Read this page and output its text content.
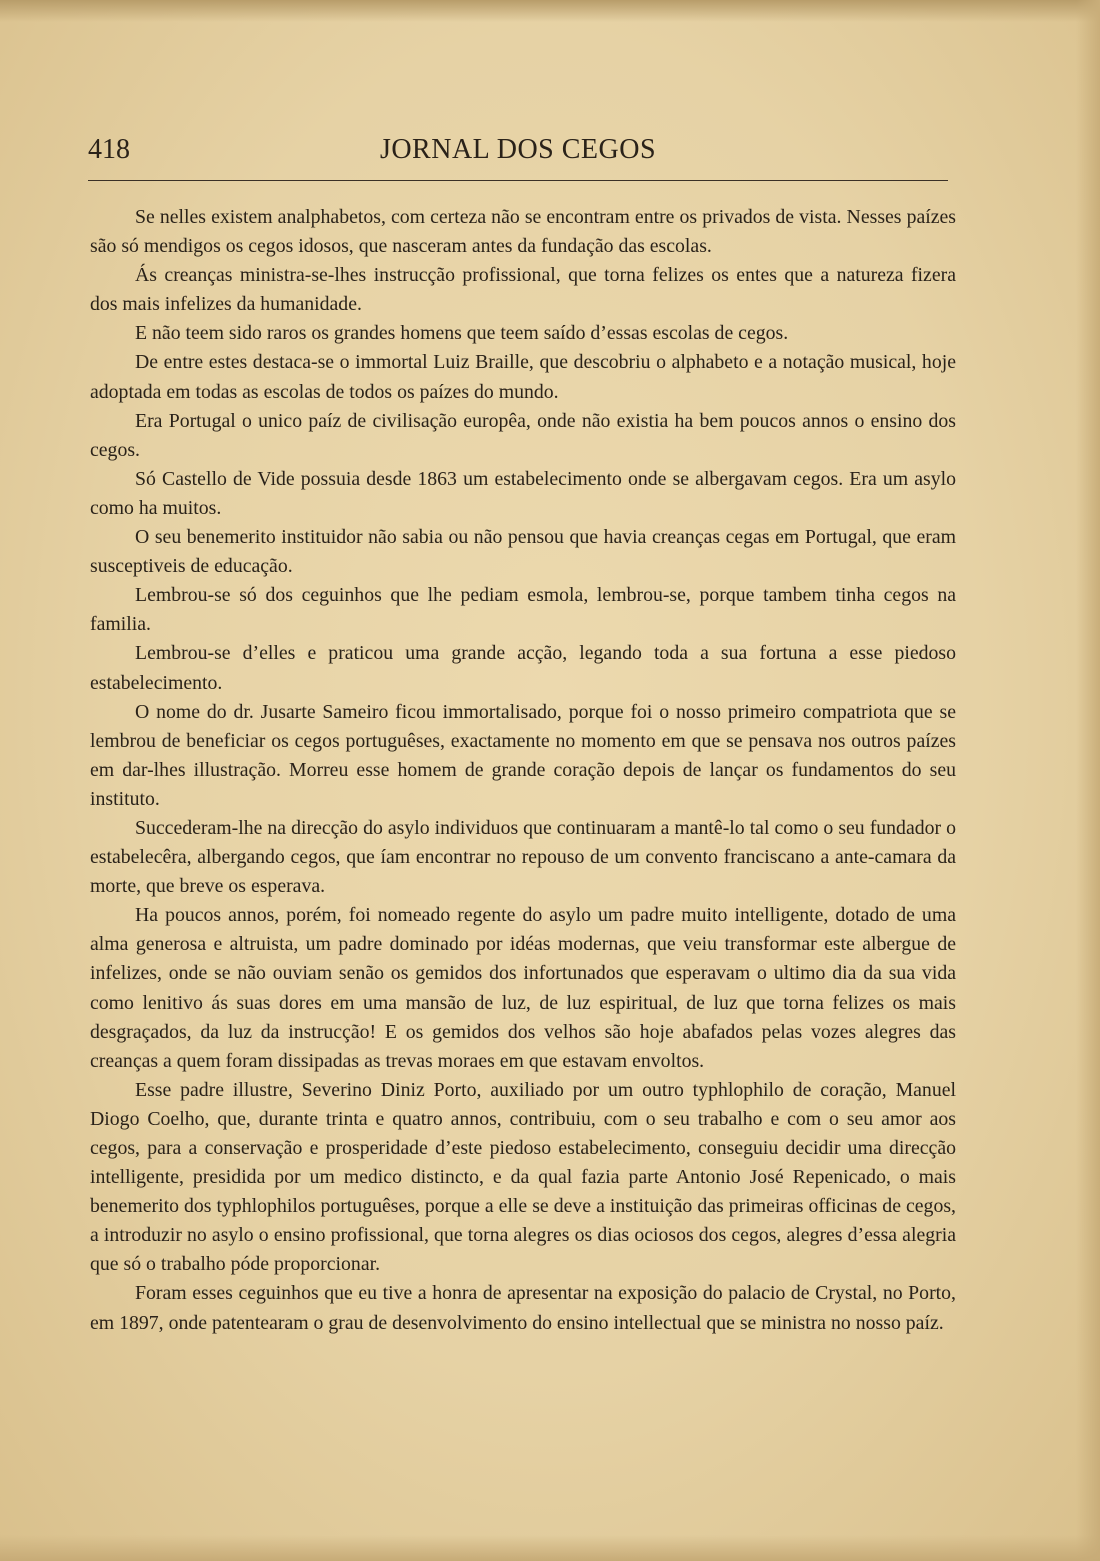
JORNAL DOS CEGOS
418

Se nelles existem analphabetos, com certeza não se encontram entre os privados de vista. Nesses paízes são só mendigos os cegos idosos, que nasceram antes da fundação das escolas.

Ás creanças ministra-se-lhes instrucção profissional, que torna felizes os entes que a natureza fizera dos mais infelizes da humanidade.

E não teem sido raros os grandes homens que teem saído d’essas escolas de cegos.

De entre estes destaca-se o immortal Luiz Braille, que descobriu o alphabeto e a notação musical, hoje adoptada em todas as escolas de todos os paízes do mundo.

Era Portugal o unico paíz de civilisação europêa, onde não existia ha bem poucos annos o ensino dos cegos.

Só Castello de Vide possuia desde 1863 um estabelecimento onde se albergavam cegos. Era um asylo como ha muitos.

O seu benemerito instituidor não sabia ou não pensou que havia creanças cegas em Portugal, que eram susceptiveis de educação.

Lembrou-se só dos ceguinhos que lhe pediam esmola, lembrou-se, porque tambem tinha cegos na familia.

Lembrou-se d’elles e praticou uma grande acção, legando toda a sua fortuna a esse piedoso estabelecimento.

O nome do dr. Jusarte Sameiro ficou immortalisado, porque foi o nosso primeiro compatriota que se lembrou de beneficiar os cegos portuguêses, exactamente no momento em que se pensava nos outros paízes em dar-lhes illustração. Morreu esse homem de grande coração depois de lançar os fundamentos do seu instituto.

Succederam-lhe na direcção do asylo individuos que continuaram a mantê-lo tal como o seu fundador o estabelecêra, albergando cegos, que íam encontrar no repouso de um convento franciscano a ante-camara da morte, que breve os esperava.

Ha poucos annos, porém, foi nomeado regente do asylo um padre muito intelligente, dotado de uma alma generosa e altruista, um padre dominado por idéas modernas, que veiu transformar este albergue de infelizes, onde se não ouviam senão os gemidos dos infortunados que esperavam o ultimo dia da sua vida como lenitivo ás suas dores em uma mansão de luz, de luz espiritual, de luz que torna felizes os mais desgraçados, da luz da instrucção! E os gemidos dos velhos são hoje abafados pelas vozes alegres das creanças a quem foram dissipadas as trevas moraes em que estavam envoltos.

Esse padre illustre, Severino Diniz Porto, auxiliado por um outro typhlophilo de coração, Manuel Diogo Coelho, que, durante trinta e quatro annos, contribuiu, com o seu trabalho e com o seu amor aos cegos, para a conservação e prosperidade d’este piedoso estabelecimento, conseguiu decidir uma direcção intelligente, presidida por um medico distincto, e da qual fazia parte Antonio José Repenicado, o mais benemerito dos typhlophilos portuguêses, porque a elle se deve a instituição das primeiras officinas de cegos, a introduzir no asylo o ensino profissional, que torna alegres os dias ociosos dos cegos, alegres d’essa alegria que só o trabalho póde proporcionar.

Foram esses ceguinhos que eu tive a honra de apresentar na exposição do palacio de Crystal, no Porto, em 1897, onde patentearam o grau de desenvolvimento do ensino intellectual que se ministra no nosso paíz.
